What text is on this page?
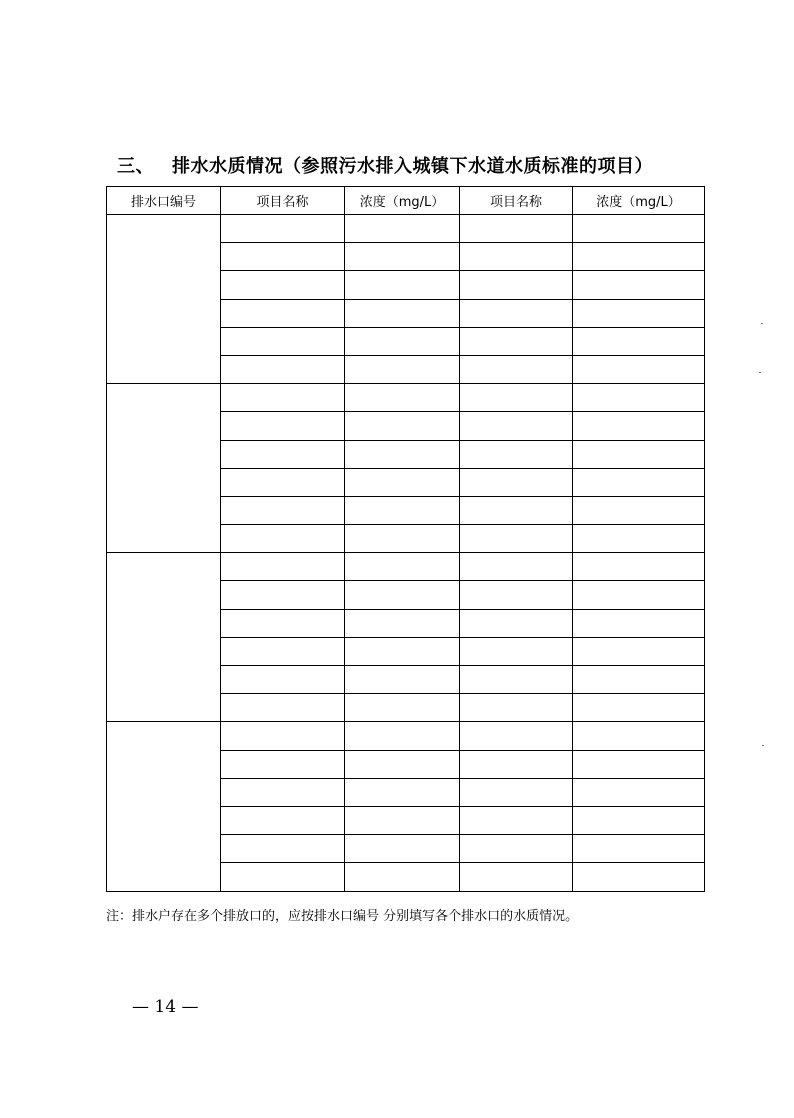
三、 排水水质情况（参照污水排入城镇下水道水质标准的项目）
排水口编号	项目名称	浓度（mg/L）	项目名称	浓度（mg/L）

注：排水户存在多个排放口的，应按排水口编号 分别填写各个排水口的水质情况。
— 14 —
